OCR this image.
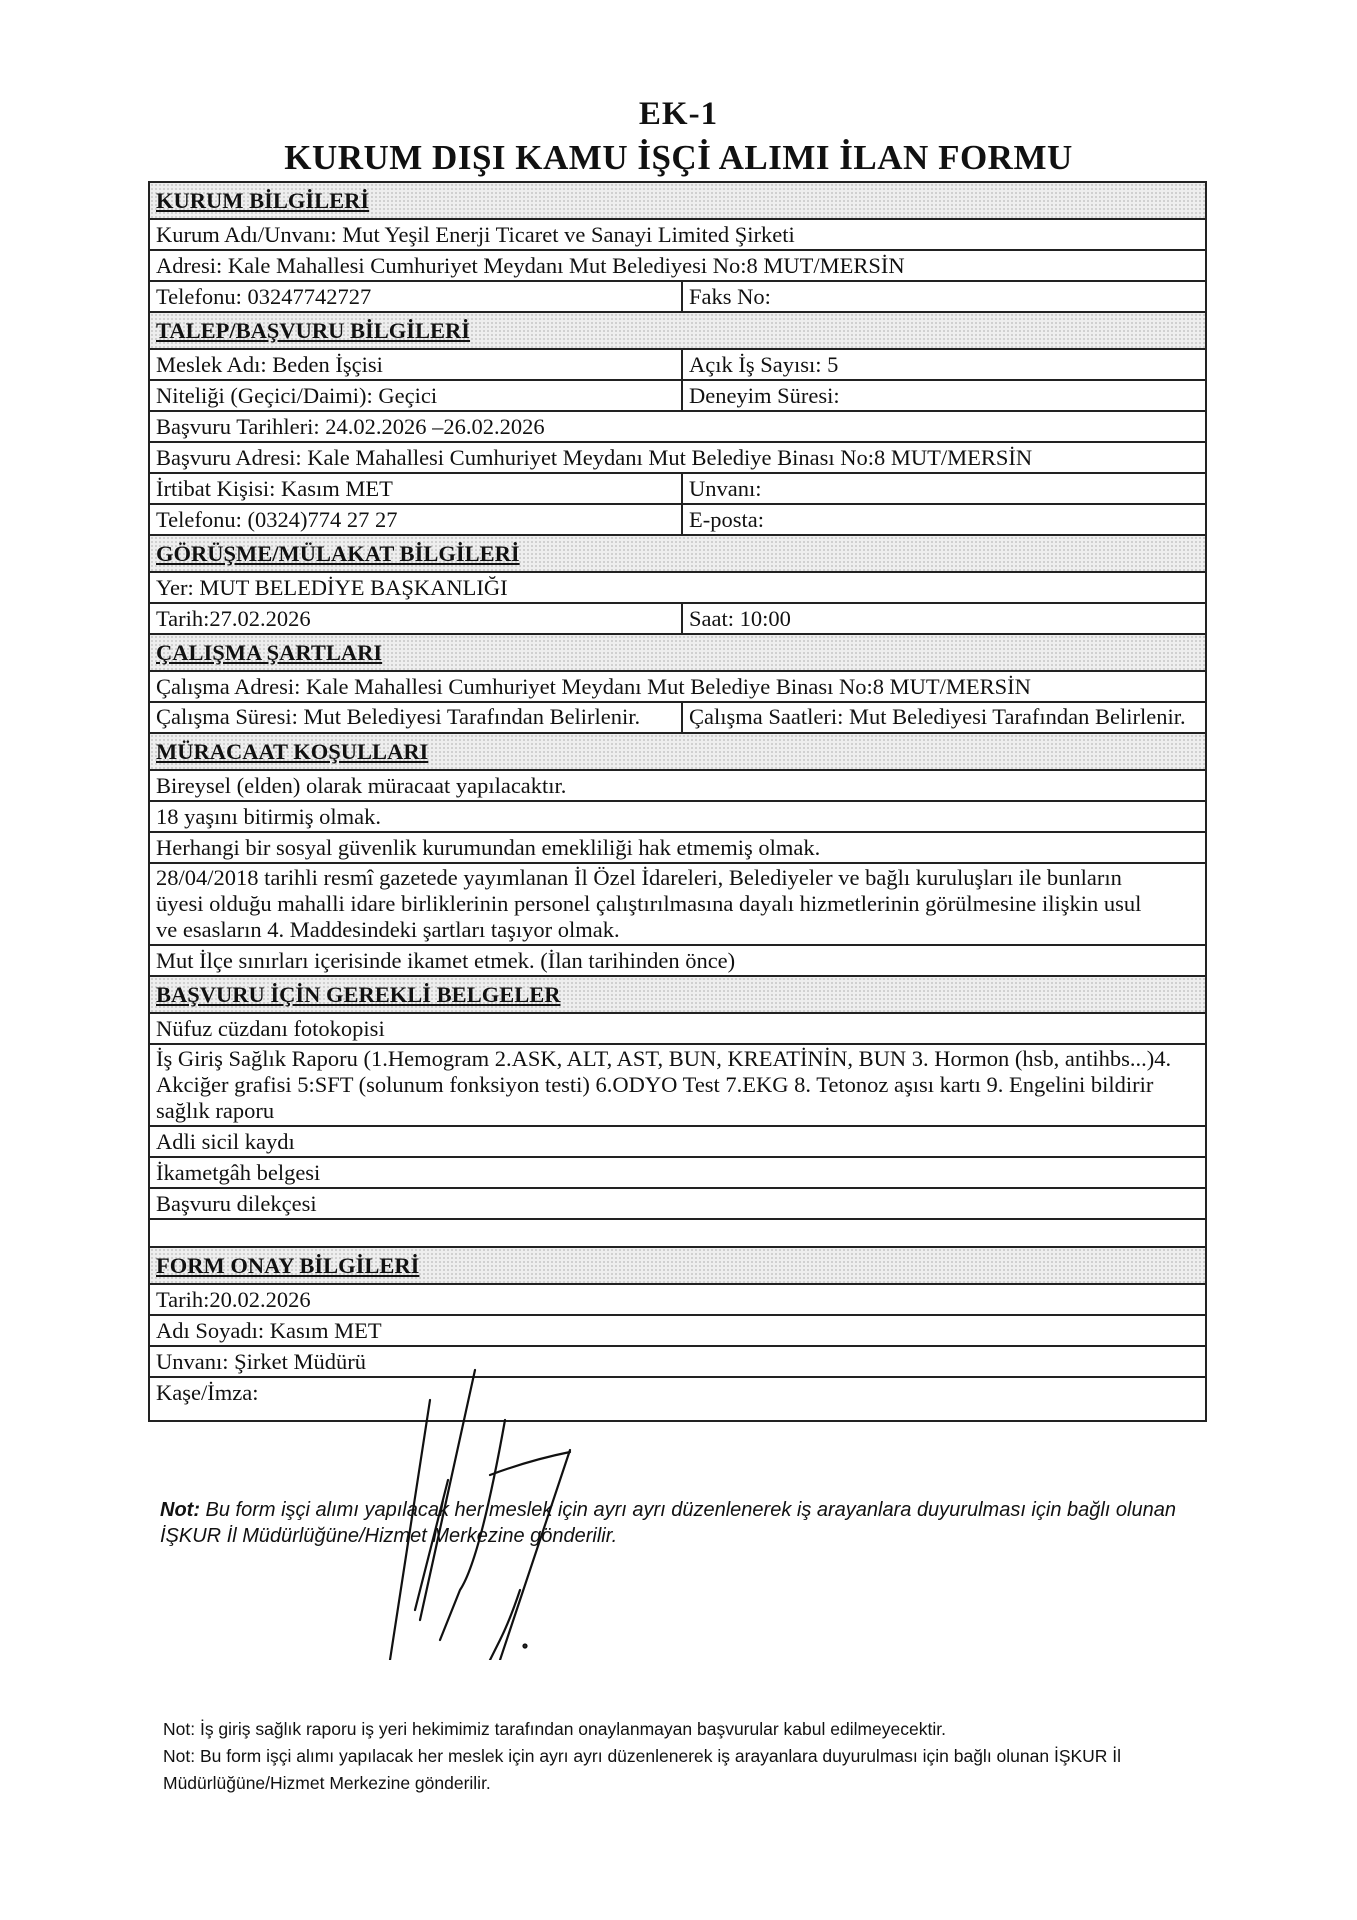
EK-1
KURUM DIŞI KAMU İŞÇİ ALIMI İLAN FORMU
KURUM BİLGİLERİ
Kurum Adı/Unvanı: Mut Yeşil Enerji Ticaret ve Sanayi Limited Şirketi
Adresi: Kale Mahallesi Cumhuriyet Meydanı Mut Belediyesi No:8 MUT/MERSİN
Telefonu: 03247742727	Faks No:
TALEP/BAŞVURU BİLGİLERİ
Meslek Adı: Beden İşçisi	Açık İş Sayısı: 5
Niteliği (Geçici/Daimi): Geçici	Deneyim Süresi:
Başvuru Tarihleri: 24.02.2026 –26.02.2026
Başvuru Adresi: Kale Mahallesi Cumhuriyet Meydanı Mut Belediye Binası No:8 MUT/MERSİN
İrtibat Kişisi: Kasım MET	Unvanı:
Telefonu: (0324)774 27 27	E-posta:
GÖRÜŞME/MÜLAKAT BİLGİLERİ
Yer: MUT BELEDİYE BAŞKANLIĞI
Tarih:27.02.2026	Saat: 10:00
ÇALIŞMA ŞARTLARI
Çalışma Adresi: Kale Mahallesi Cumhuriyet Meydanı Mut Belediye Binası No:8 MUT/MERSİN
Çalışma Süresi: Mut Belediyesi Tarafından Belirlenir.	Çalışma Saatleri: Mut Belediyesi Tarafından Belirlenir.
MÜRACAAT KOŞULLARI
Bireysel (elden) olarak müracaat yapılacaktır.
18 yaşını bitirmiş olmak.
Herhangi bir sosyal güvenlik kurumundan emekliliği hak etmemiş olmak.
28/04/2018 tarihli resmî gazetede yayımlanan İl Özel İdareleri, Belediyeler ve bağlı kuruluşları ile bunların üyesi olduğu mahalli idare birliklerinin personel çalıştırılmasına dayalı hizmetlerinin görülmesine ilişkin usul ve esasların 4. Maddesindeki şartları taşıyor olmak.
Mut İlçe sınırları içerisinde ikamet etmek. (İlan tarihinden önce)
BAŞVURU İÇİN GEREKLİ BELGELER
Nüfuz cüzdanı fotokopisi
İş Giriş Sağlık Raporu (1.Hemogram 2.ASK, ALT, AST, BUN, KREATİNİN, BUN 3. Hormon (hsb, antihbs...)4. Akciğer grafisi 5:SFT (solunum fonksiyon testi) 6.ODYO Test 7.EKG 8. Tetonoz aşısı kartı 9. Engelini bildirir sağlık raporu
Adli sicil kaydı
İkametgâh belgesi
Başvuru dilekçesi
FORM ONAY BİLGİLERİ
Tarih:20.02.2026
Adı Soyadı: Kasım MET
Unvanı: Şirket Müdürü
Kaşe/İmza:
Not: Bu form işçi alımı yapılacak her meslek için ayrı ayrı düzenlenerek iş arayanlara duyurulması için bağlı olunan İŞKUR İl Müdürlüğüne/Hizmet Merkezine gönderilir.
Not: İş giriş sağlık raporu iş yeri hekimimiz tarafından onaylanmayan başvurular kabul edilmeyecektir.
Not: Bu form işçi alımı yapılacak her meslek için ayrı ayrı düzenlenerek iş arayanlara duyurulması için bağlı olunan İŞKUR İl Müdürlüğüne/Hizmet Merkezine gönderilir.
